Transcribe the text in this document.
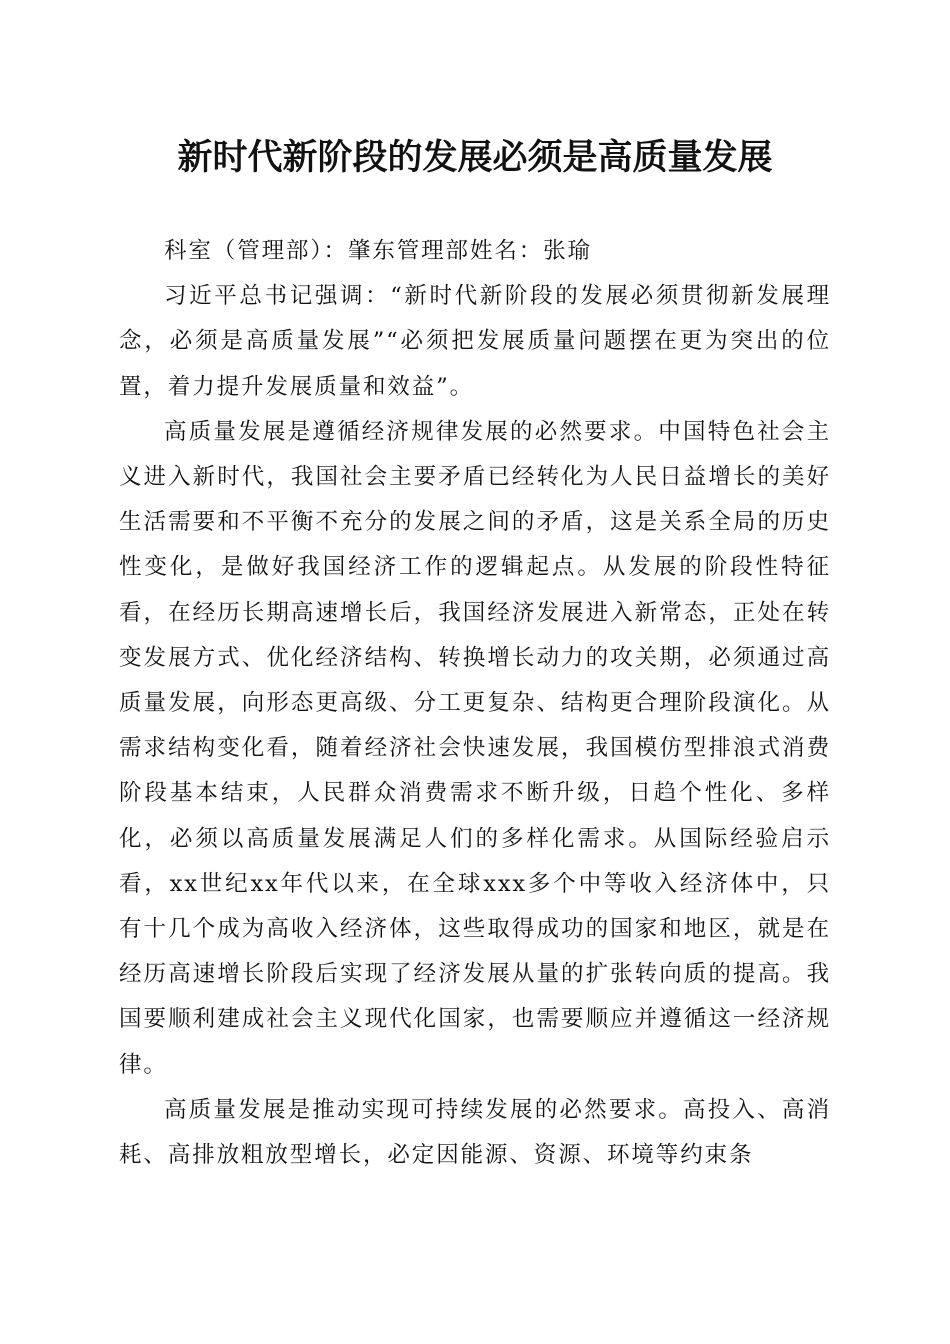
新时代新阶段的发展必须是高质量发展

科室（管理部）：肇东管理部姓名：张瑜

习近平总书记强调：“新时代新阶段的发展必须贯彻新发展理念，必须是高质量发展”“必须把发展质量问题摆在更为突出的位置，着力提升发展质量和效益”。

高质量发展是遵循经济规律发展的必然要求。中国特色社会主义进入新时代，我国社会主要矛盾已经转化为人民日益增长的美好生活需要和不平衡不充分的发展之间的矛盾，这是关系全局的历史性变化，是做好我国经济工作的逻辑起点。从发展的阶段性特征看，在经历长期高速增长后，我国经济发展进入新常态，正处在转变发展方式、优化经济结构、转换增长动力的攻关期，必须通过高质量发展，向形态更高级、分工更复杂、结构更合理阶段演化。从需求结构变化看，随着经济社会快速发展，我国模仿型排浪式消费阶段基本结束，人民群众消费需求不断升级，日趋个性化、多样化，必须以高质量发展满足人们的多样化需求。从国际经验启示看，xx世纪xx年代以来，在全球xxx多个中等收入经济体中，只有十几个成为高收入经济体，这些取得成功的国家和地区，就是在经历高速增长阶段后实现了经济发展从量的扩张转向质的提高。我国要顺利建成社会主义现代化国家，也需要顺应并遵循这一经济规律。

高质量发展是推动实现可持续发展的必然要求。高投入、高消耗、高排放粗放型增长，必定因能源、资源、环境等约束条
